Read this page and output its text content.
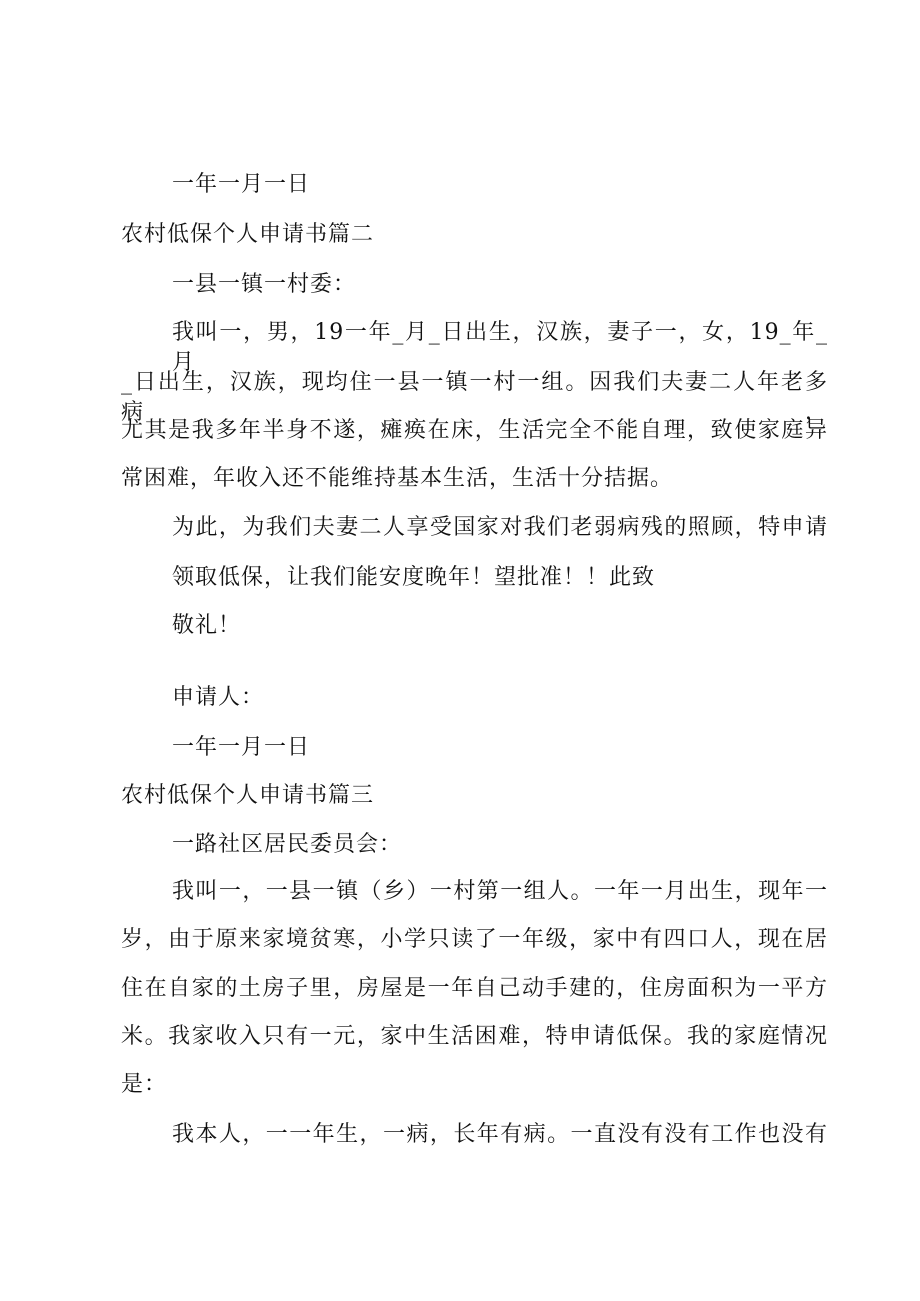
一年一月一日
农村低保个人申请书篇二
一县一镇一村委：
我叫一，男，19一年_月_日出生，汉族，妻子一，女，19_年_月
_日出生，汉族，现均住一县一镇一村一组。因我们夫妻二人年老多病，
尤其是我多年半身不遂，瘫痪在床，生活完全不能自理，致使家庭异
常困难，年收入还不能维持基本生活，生活十分拮据。
为此，为我们夫妻二人享受国家对我们老弱病残的照顾，特申请
领取低保，让我们能安度晚年！望批准！！此致
敬礼！
申请人：
一年一月一日
农村低保个人申请书篇三
一路社区居民委员会：
我叫一，一县一镇（乡）一村第一组人。一年一月出生，现年一
岁，由于原来家境贫寒，小学只读了一年级，家中有四口人，现在居
住在自家的土房子里，房屋是一年自己动手建的，住房面积为一平方
米。我家收入只有一元，家中生活困难，特申请低保。我的家庭情况
是：
我本人，一一年生，一病，长年有病。一直没有没有工作也没有
